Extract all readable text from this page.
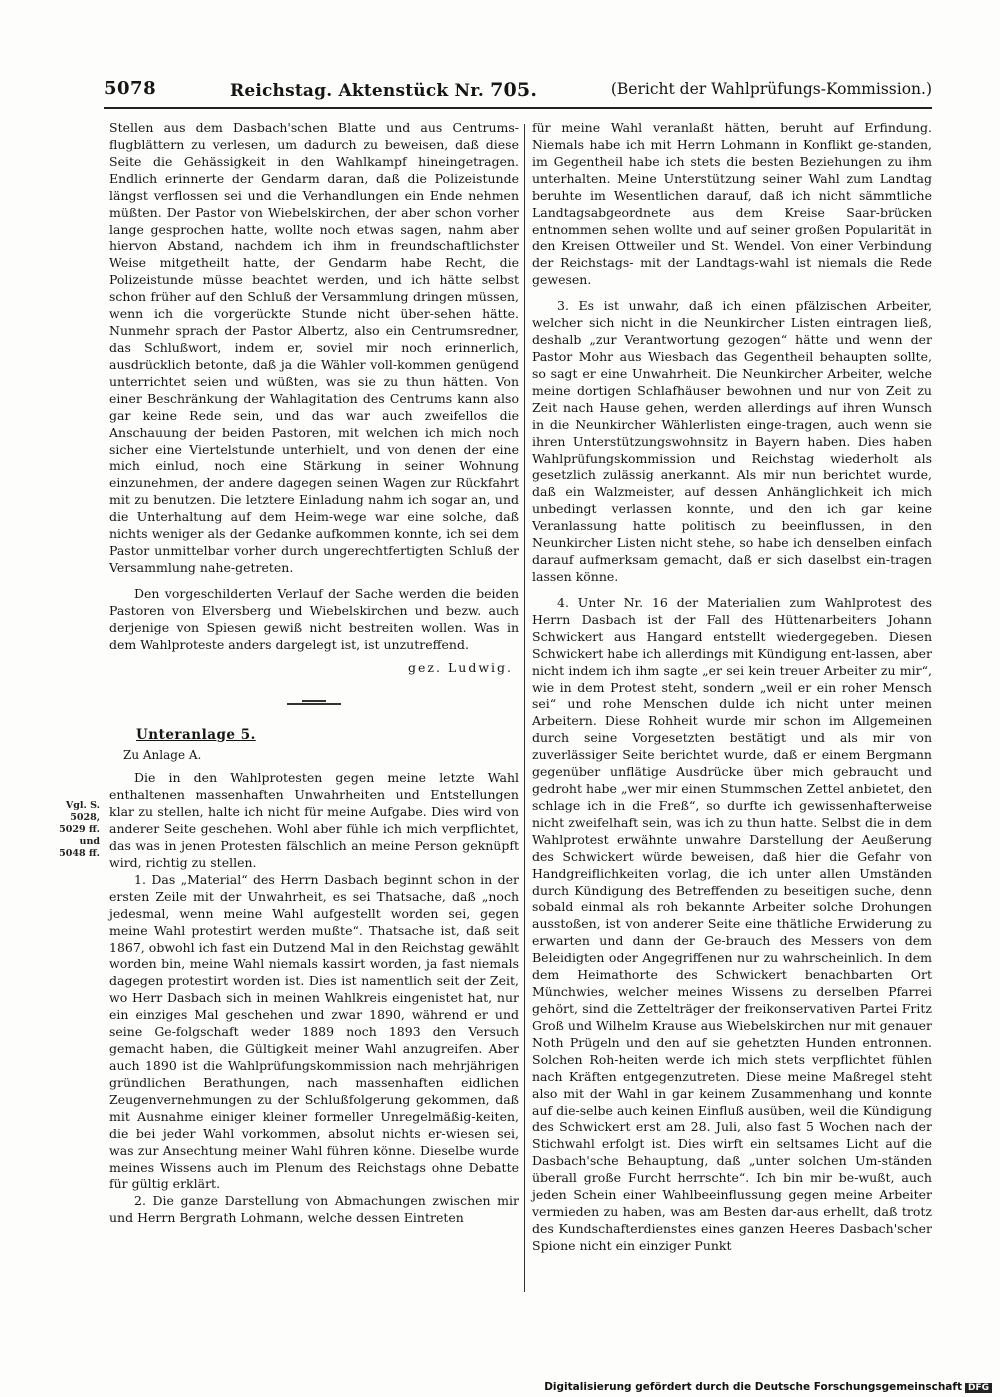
5078	Reichstag. Aktenstück Nr. 705.	(Bericht der Wahlprüfungs-Kommission.)
Vgl. S. 5028, 5029 ff. und 5048 ff.

Stellen aus dem Dasbach'schen Blatte und aus Centrums-flugblättern zu verlesen, um dadurch zu beweisen, daß diese Seite die Gehässigkeit in den Wahlkampf hineingetragen. Endlich erinnerte der Gendarm daran, daß die Polizeistunde längst verflossen sei und die Verhandlungen ein Ende nehmen müßten. Der Pastor von Wiebelskirchen, der aber schon vorher lange gesprochen hatte, wollte noch etwas sagen, nahm aber hiervon Abstand, nachdem ich ihm in freundschaftlichster Weise mitgetheilt hatte, der Gendarm habe Recht, die Polizeistunde müsse beachtet werden, und ich hätte selbst schon früher auf den Schluß der Versammlung dringen müssen, wenn ich die vorgerückte Stunde nicht über-sehen hätte. Nunmehr sprach der Pastor Albertz, also ein Centrumsredner, das Schlußwort, indem er, soviel mir noch erinnerlich, ausdrücklich betonte, daß ja die Wähler voll-kommen genügend unterrichtet seien und wüßten, was sie zu thun hätten. Von einer Beschränkung der Wahlagitation des Centrums kann also gar keine Rede sein, und das war auch zweifellos die Anschauung der beiden Pastoren, mit welchen ich mich noch sicher eine Viertelstunde unterhielt, und von denen der eine mich einlud, noch eine Stärkung in seiner Wohnung einzunehmen, der andere dagegen seinen Wagen zur Rückfahrt mit zu benutzen. Die letztere Einladung nahm ich sogar an, und die Unterhaltung auf dem Heim-wege war eine solche, daß nichts weniger als der Gedanke aufkommen konnte, ich sei dem Pastor unmittelbar vorher durch ungerechtfertigten Schluß der Versammlung nahe-getreten.

Den vorgeschilderten Verlauf der Sache werden die beiden Pastoren von Elversberg und Wiebelskirchen und bezw. auch derjenige von Spiesen gewiß nicht bestreiten wollen. Was in dem Wahlproteste anders dargelegt ist, ist unzutreffend.

gez. Ludwig.

Unteranlage 5.

Zu Anlage A.

Die in den Wahlprotesten gegen meine letzte Wahl enthaltenen massenhaften Unwahrheiten und Entstellungen klar zu stellen, halte ich nicht für meine Aufgabe. Dies wird von anderer Seite geschehen. Wohl aber fühle ich mich verpflichtet, das was in jenen Protesten fälschlich an meine Person geknüpft wird, richtig zu stellen.

1. Das „Material“ des Herrn Dasbach beginnt schon in der ersten Zeile mit der Unwahrheit, es sei Thatsache, daß „noch jedesmal, wenn meine Wahl aufgestellt worden sei, gegen meine Wahl protestirt werden mußte“. Thatsache ist, daß seit 1867, obwohl ich fast ein Dutzend Mal in den Reichstag gewählt worden bin, meine Wahl niemals kassirt worden, ja fast niemals dagegen protestirt worden ist. Dies ist namentlich seit der Zeit, wo Herr Dasbach sich in meinen Wahlkreis eingenistet hat, nur ein einziges Mal geschehen und zwar 1890, während er und seine Ge-folgschaft weder 1889 noch 1893 den Versuch gemacht haben, die Gültigkeit meiner Wahl anzugreifen. Aber auch 1890 ist die Wahlprüfungskommission nach mehrjährigen gründlichen Berathungen, nach massenhaften eidlichen Zeugenvernehmungen zu der Schlußfolgerung gekommen, daß mit Ausnahme einiger kleiner formeller Unregelmäßig-keiten, die bei jeder Wahl vorkommen, absolut nichts er-wiesen sei, was zur Ansechtung meiner Wahl führen könne. Dieselbe wurde meines Wissens auch im Plenum des Reichstags ohne Debatte für gültig erklärt.

2. Die ganze Darstellung von Abmachungen zwischen mir und Herrn Bergrath Lohmann, welche dessen Eintreten

für meine Wahl veranlaßt hätten, beruht auf Erfindung. Niemals habe ich mit Herrn Lohmann in Konflikt ge-standen, im Gegentheil habe ich stets die besten Beziehungen zu ihm unterhalten. Meine Unterstützung seiner Wahl zum Landtag beruhte im Wesentlichen darauf, daß ich nicht sämmtliche Landtagsabgeordnete aus dem Kreise Saar-brücken entnommen sehen wollte und auf seiner großen Popularität in den Kreisen Ottweiler und St. Wendel. Von einer Verbindung der Reichstags- mit der Landtags-wahl ist niemals die Rede gewesen.

3. Es ist unwahr, daß ich einen pfälzischen Arbeiter, welcher sich nicht in die Neunkircher Listen eintragen ließ, deshalb „zur Verantwortung gezogen“ hätte und wenn der Pastor Mohr aus Wiesbach das Gegentheil behaupten sollte, so sagt er eine Unwahrheit. Die Neunkircher Arbeiter, welche meine dortigen Schlafhäuser bewohnen und nur von Zeit zu Zeit nach Hause gehen, werden allerdings auf ihren Wunsch in die Neunkircher Wählerlisten einge-tragen, auch wenn sie ihren Unterstützungswohnsitz in Bayern haben. Dies haben Wahlprüfungskommission und Reichstag wiederholt als gesetzlich zulässig anerkannt. Als mir nun berichtet wurde, daß ein Walzmeister, auf dessen Anhänglichkeit ich mich unbedingt verlassen konnte, und den ich gar keine Veranlassung hatte politisch zu beeinflussen, in den Neunkircher Listen nicht stehe, so habe ich denselben einfach darauf aufmerksam gemacht, daß er sich daselbst ein-tragen lassen könne.

4. Unter Nr. 16 der Materialien zum Wahlprotest des Herrn Dasbach ist der Fall des Hüttenarbeiters Johann Schwickert aus Hangard entstellt wiedergegeben. Diesen Schwickert habe ich allerdings mit Kündigung ent-lassen, aber nicht indem ich ihm sagte „er sei kein treuer Arbeiter zu mir“, wie in dem Protest steht, sondern „weil er ein roher Mensch sei“ und rohe Menschen dulde ich nicht unter meinen Arbeitern. Diese Rohheit wurde mir schon im Allgemeinen durch seine Vorgesetzten bestätigt und als mir von zuverlässiger Seite berichtet wurde, daß er einem Bergmann gegenüber unflätige Ausdrücke über mich gebraucht und gedroht habe „wer mir einen Stummschen Zettel anbietet, den schlage ich in die Freß“, so durfte ich gewissenhafterweise nicht zweifelhaft sein, was ich zu thun hatte. Selbst die in dem Wahlprotest erwähnte unwahre Darstellung der Aeußerung des Schwickert würde beweisen, daß hier die Gefahr von Handgreiflichkeiten vorlag, die ich unter allen Umständen durch Kündigung des Betreffenden zu beseitigen suche, denn sobald einmal als roh bekannte Arbeiter solche Drohungen ausstoßen, ist von anderer Seite eine thätliche Erwiderung zu erwarten und dann der Ge-brauch des Messers von dem Beleidigten oder Angegriffenen nur zu wahrscheinlich. In dem dem Heimathorte des Schwickert benachbarten Ort Münchwies, welcher meines Wissens zu derselben Pfarrei gehört, sind die Zettelträger der freikonservativen Partei Fritz Groß und Wilhelm Krause aus Wiebelskirchen nur mit genauer Noth Prügeln und den auf sie gehetzten Hunden entronnen. Solchen Roh-heiten werde ich mich stets verpflichtet fühlen nach Kräften entgegenzutreten. Diese meine Maßregel steht also mit der Wahl in gar keinem Zusammenhang und konnte auf die-selbe auch keinen Einfluß ausüben, weil die Kündigung des Schwickert erst am 28. Juli, also fast 5 Wochen nach der Stichwahl erfolgt ist. Dies wirft ein seltsames Licht auf die Dasbach'sche Behauptung, daß „unter solchen Um-ständen überall große Furcht herrschte“. Ich bin mir be-wußt, auch jeden Schein einer Wahlbeeinflussung gegen meine Arbeiter vermieden zu haben, was am Besten dar-aus erhellt, daß trotz des Kundschafterdienstes eines ganzen Heeres Dasbach'scher Spione nicht ein einziger Punkt

Digitalisierung gefördert durch die Deutsche Forschungsgemeinschaft DFG
